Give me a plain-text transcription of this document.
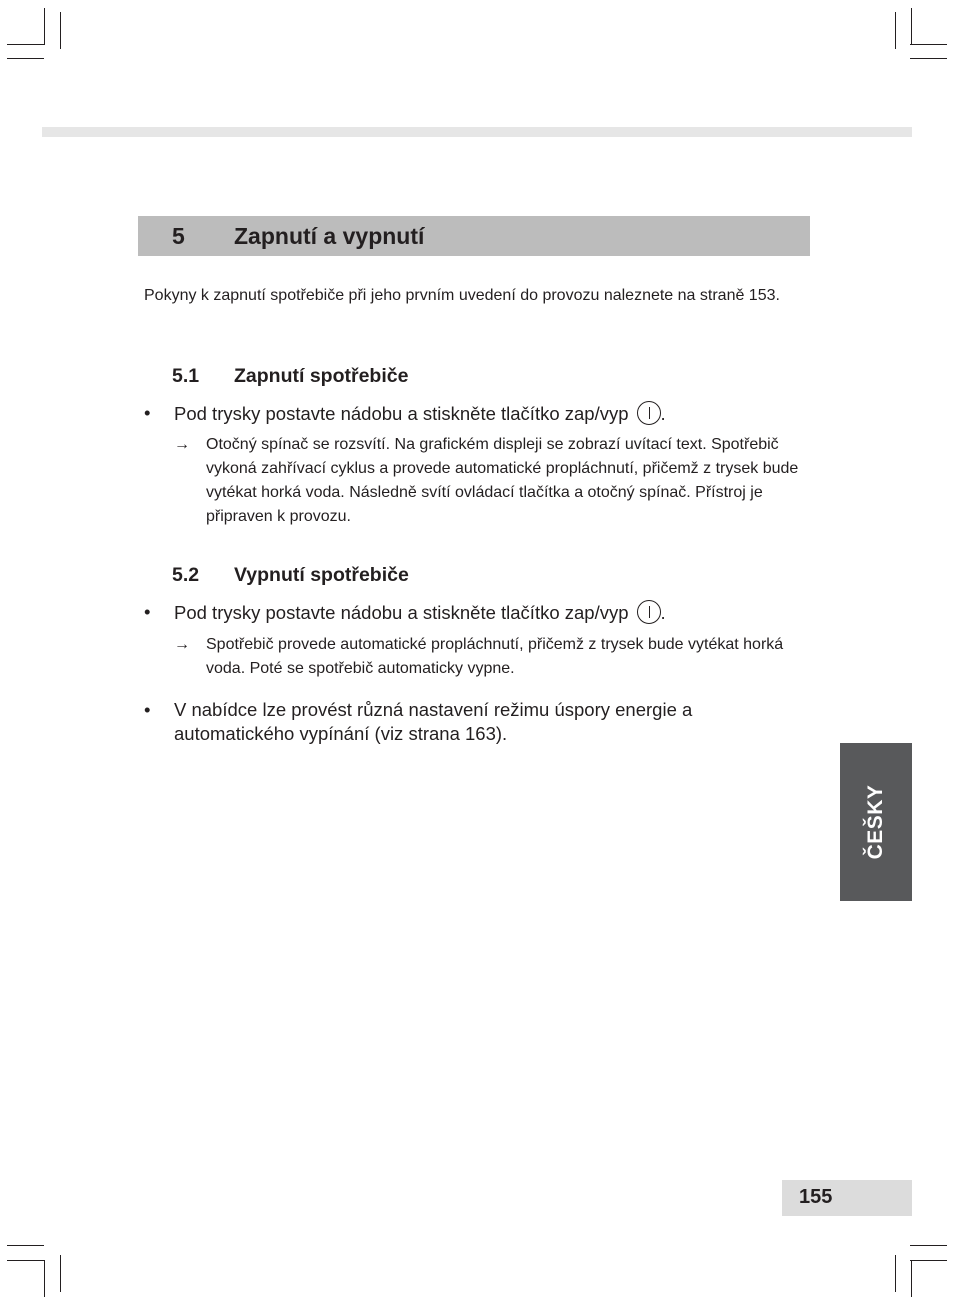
5 Zapnutí a vypnutí
Pokyny k zapnutí spotřebiče při jeho prvním uvedení do provozu naleznete na straně 153.
5.1 Zapnutí spotřebiče
• Pod trysky postavte nádobu a stiskněte tlačítko zap/vyp .
→ Otočný spínač se rozsvítí. Na grafickém displeji se zobrazí uvítací text. Spotřebič vykoná zahřívací cyklus a provede automatické propláchnutí, přičemž z trysek bude vytékat horká voda. Následně svítí ovládací tlačítka a otočný spínač. Přístroj je připraven k provozu.
5.2 Vypnutí spotřebiče
• Pod trysky postavte nádobu a stiskněte tlačítko zap/vyp .
→ Spotřebič provede automatické propláchnutí, přičemž z trysek bude vytékat horká voda. Poté se spotřebič automaticky vypne.
• V nabídce lze provést různá nastavení režimu úspory energie a automatického vypínání (viz strana 163).
ČEŠKY
155
